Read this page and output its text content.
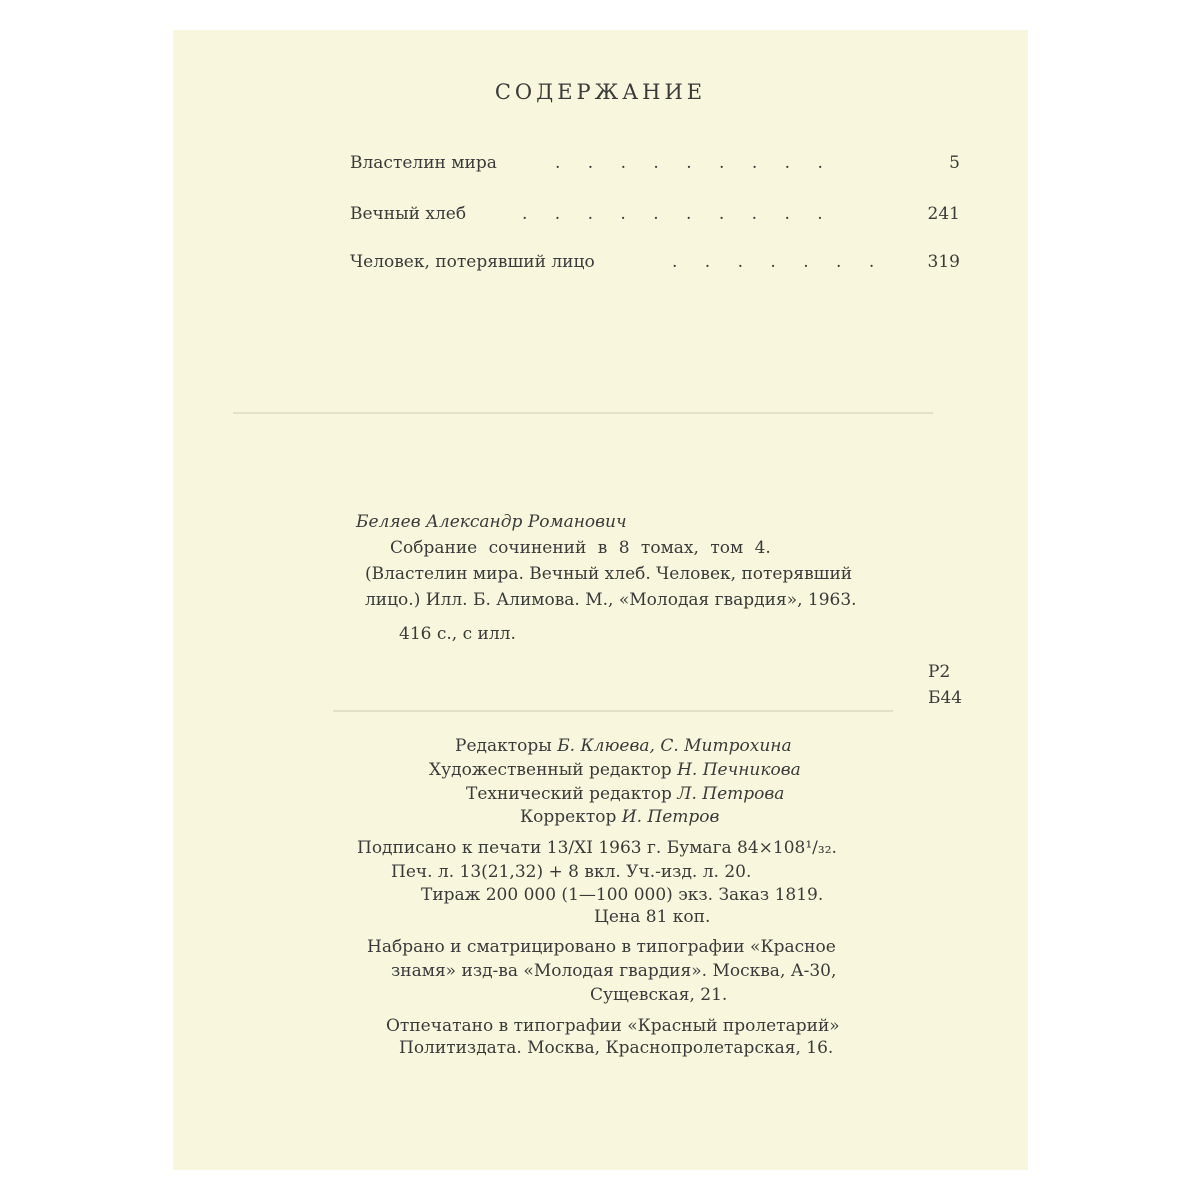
СОДЕРЖАНИЕ
Властелин мира	. . . . . . . . .	5
Вечный хлеб	. . . . . . . . . .	241
Человек, потерявший лицо	. . . . . . . 319
Беляев Александр Романович
Собрание сочинений в 8 томах, том 4.
(Властелин мира. Вечный хлеб. Человек, потерявший
лицо.) Илл. Б. Алимова. М., «Молодая гвардия», 1963.
416 с., с илл.
Р2
Б44
Редакторы Б. Клюева, С. Митрохина
Художественный редактор Н. Печникова
Технический редактор Л. Петрова
Корректор И. Петров
Подписано к печати 13/XI 1963 г. Бумага 84×108¹/₃₂.
Печ. л. 13(21,32) + 8 вкл. Уч.-изд. л. 20.
Тираж 200 000 (1—100 000) экз. Заказ 1819.
Цена 81 коп.
Набрано и сматрицировано в типографии «Красное
знамя» изд-ва «Молодая гвардия». Москва, А-30,
Сущевская, 21.
Отпечатано в типографии «Красный пролетарий»
Политиздата. Москва, Краснопролетарская, 16.
